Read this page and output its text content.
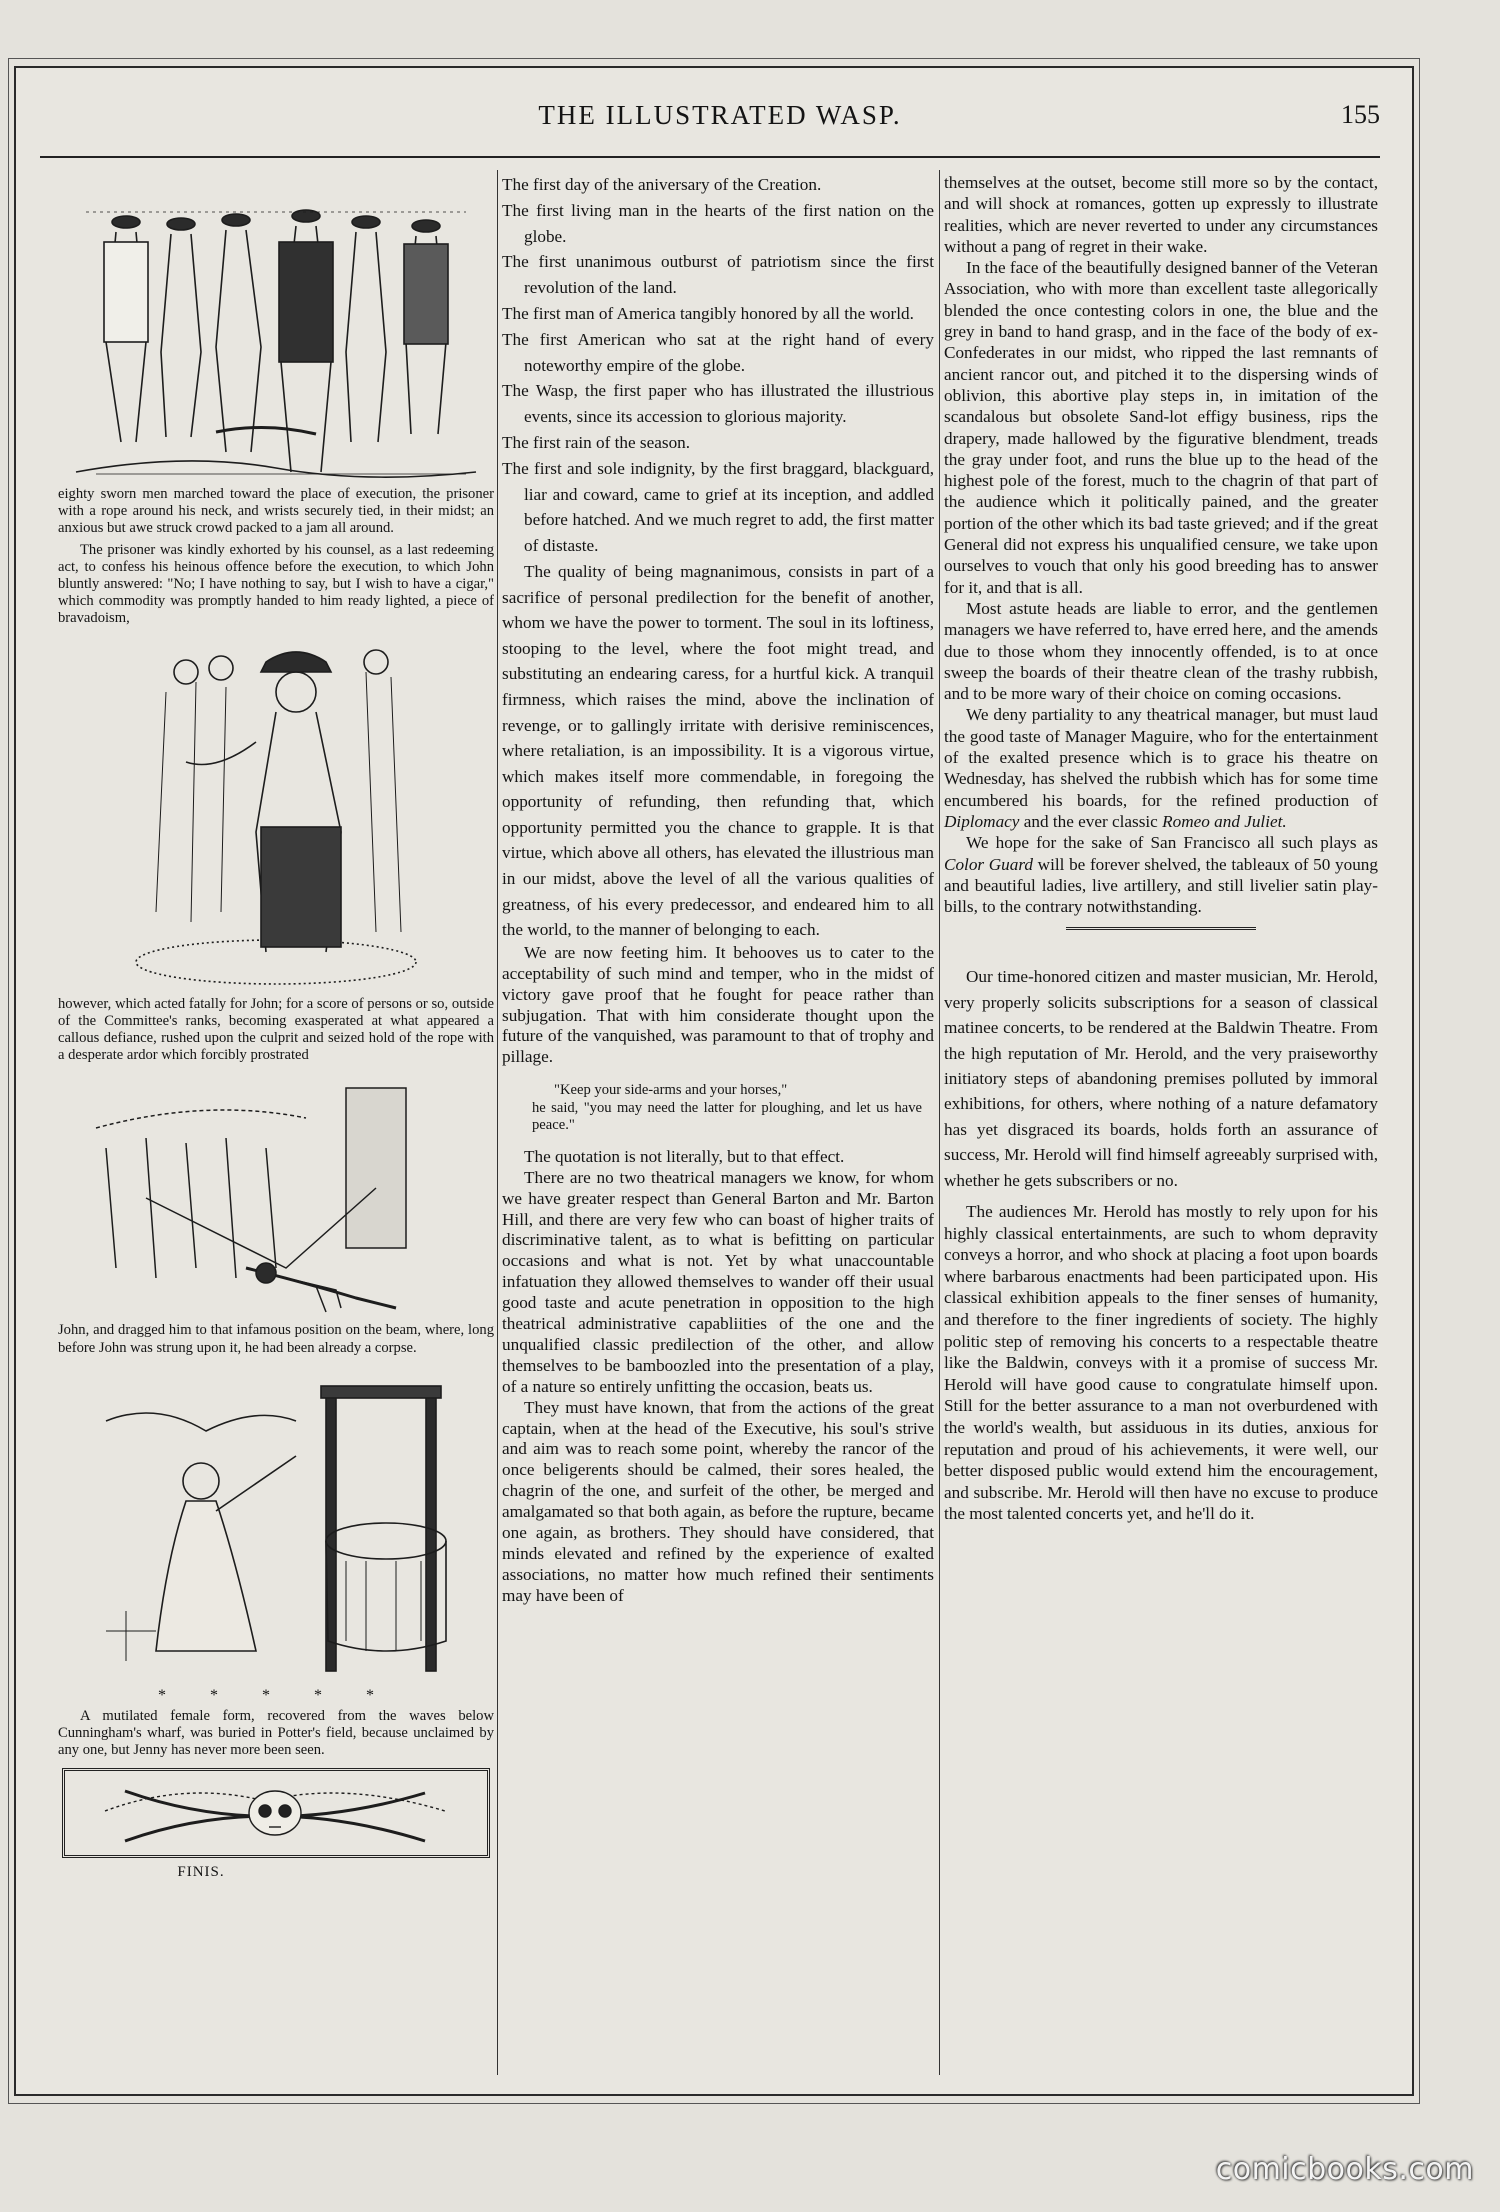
THE ILLUSTRATED WASP.	155

eighty sworn men marched toward the place of execution, the prisoner with a rope around his neck, and wrists securely tied, in their midst; an anxious but awe struck crowd packed to a jam all around.

The prisoner was kindly exhorted by his counsel, as a last redeeming act, to confess his heinous offence before the execution, to which John bluntly answered: "No; I have nothing to say, but I wish to have a cigar," which commodity was promptly handed to him ready lighted, a piece of bravadoism,

however, which acted fatally for John; for a score of persons or so, outside of the Committee's ranks, becoming exasperated at what appeared a callous defiance, rushed upon the culprit and seized hold of the rope with a desperate ardor which forcibly prostrated

John, and dragged him to that infamous position on the beam, where, long before John was strung upon it, he had been already a corpse.

* * * * *

A mutilated female form, recovered from the waves below Cunningham's wharf, was buried in Potter's field, because unclaimed by any one, but Jenny has never more been seen.

FINIS.

The first day of the aniversary of the Creation.

The first living man in the hearts of the first nation on the globe.

The first unanimous outburst of patriotism since the first revolution of the land.

The first man of America tangibly honored by all the world.

The first American who sat at the right hand of every noteworthy empire of the globe.

The Wasp, the first paper who has illustrated the illustrious events, since its accession to glorious majority.

The first rain of the season.

The first and sole indignity, by the first braggard, blackguard, liar and coward, came to grief at its inception, and addled before hatched. And we much regret to add, the first matter of distaste.

The quality of being magnanimous, consists in part of a sacrifice of personal predilection for the benefit of another, whom we have the power to torment. The soul in its loftiness, stooping to the level, where the foot might tread, and substituting an endearing caress, for a hurtful kick. A tranquil firmness, which raises the mind, above the inclination of revenge, or to gallingly irritate with derisive reminiscences, where retaliation, is an impossibility. It is a vigorous virtue, which makes itself more commendable, in foregoing the opportunity of refunding, then refunding that, which opportunity permitted you the chance to grapple. It is that virtue, which above all others, has elevated the illustrious man in our midst, above the level of all the various qualities of greatness, of his every predecessor, and endeared him to all the world, to the manner of belonging to each.

We are now feeting him. It behooves us to cater to the acceptability of such mind and temper, who in the midst of victory gave proof that he fought for peace rather than subjugation. That with him considerate thought upon the future of the vanquished, was paramount to that of trophy and pillage.

"Keep your side-arms and your horses,"

he said, "you may need the latter for ploughing, and let us have peace."

The quotation is not literally, but to that effect.

There are no two theatrical managers we know, for whom we have greater respect than General Barton and Mr. Barton Hill, and there are very few who can boast of higher traits of discriminative talent, as to what is befitting on particular occasions and what is not. Yet by what unaccountable infatuation they allowed themselves to wander off their usual good taste and acute penetration in opposition to the high theatrical administrative capabliities of the one and the unqualified classic predilection of the other, and allow themselves to be bamboozled into the presentation of a play, of a nature so entirely unfitting the occasion, beats us.

They must have known, that from the actions of the great captain, when at the head of the Executive, his soul's strive and aim was to reach some point, whereby the rancor of the once beligerents should be calmed, their sores healed, the chagrin of the one, and surfeit of the other, be merged and amalgamated so that both again, as before the rupture, became one again, as brothers. They should have considered, that minds elevated and refined by the experience of exalted associations, no matter how much refined their sentiments may have been of

themselves at the outset, become still more so by the contact, and will shock at romances, gotten up expressly to illustrate realities, which are never reverted to under any circumstances without a pang of regret in their wake.

In the face of the beautifully designed banner of the Veteran Association, who with more than excellent taste allegorically blended the once contesting colors in one, the blue and the grey in band to hand grasp, and in the face of the body of ex-Confederates in our midst, who ripped the last remnants of ancient rancor out, and pitched it to the dispersing winds of oblivion, this abortive play steps in, in imitation of the scandalous but obsolete Sand-lot effigy business, rips the drapery, made hallowed by the figurative blendment, treads the gray under foot, and runs the blue up to the head of the highest pole of the forest, much to the chagrin of that part of the audience which it politically pained, and the greater portion of the other which its bad taste grieved; and if the great General did not express his unqualified censure, we take upon ourselves to vouch that only his good breeding has to answer for it, and that is all.

Most astute heads are liable to error, and the gentlemen managers we have referred to, have erred here, and the amends due to those whom they innocently offended, is to at once sweep the boards of their theatre clean of the trashy rubbish, and to be more wary of their choice on coming occasions.

We deny partiality to any theatrical manager, but must laud the good taste of Manager Maguire, who for the entertainment of the exalted presence which is to grace his theatre on Wednesday, has shelved the rubbish which has for some time encumbered his boards, for the refined production of Diplomacy and the ever classic Romeo and Juliet.

We hope for the sake of San Francisco all such plays as Color Guard will be forever shelved, the tableaux of 50 young and beautiful ladies, live artillery, and still livelier satin play-bills, to the contrary notwithstanding.

Our time-honored citizen and master musician, Mr. Herold, very properly solicits subscriptions for a season of classical matinee concerts, to be rendered at the Baldwin Theatre. From the high reputation of Mr. Herold, and the very praiseworthy initiatory steps of abandoning premises polluted by immoral exhibitions, for others, where nothing of a nature defamatory has yet disgraced its boards, holds forth an assurance of success, Mr. Herold will find himself agreeably surprised with, whether he gets subscribers or no.

The audiences Mr. Herold has mostly to rely upon for his highly classical entertainments, are such to whom depravity conveys a horror, and who shock at placing a foot upon boards where barbarous enactments had been participated upon. His classical exhibition appeals to the finer senses of humanity, and therefore to the finer ingredients of society. The highly politic step of removing his concerts to a respectable theatre like the Baldwin, conveys with it a promise of success Mr. Herold will have good cause to congratulate himself upon. Still for the better assurance to a man not overburdened with the world's wealth, but assiduous in its duties, anxious for reputation and proud of his achievements, it were well, our better disposed public would extend him the encouragement, and subscribe. Mr. Herold will then have no excuse to produce the most talented concerts yet, and he'll do it.

comicbooks.com
